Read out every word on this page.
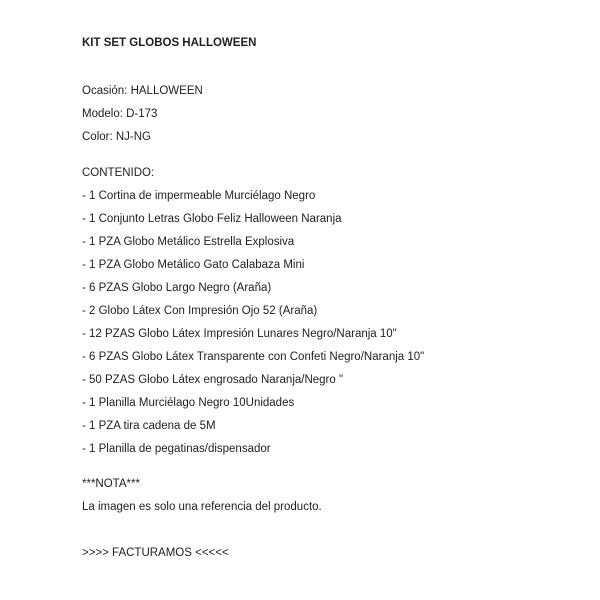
KIT SET GLOBOS HALLOWEEN

Ocasión: HALLOWEEN

Modelo: D-173

Color: NJ-NG

CONTENIDO:

- 1 Cortina de impermeable Murciélago Negro

- 1 Conjunto Letras Globo Feliz Halloween Naranja

- 1 PZA Globo Metálico Estrella Explosiva

- 1 PZA Globo Metálico Gato Calabaza Mini

- 6 PZAS Globo Largo Negro (Araña)

- 2 Globo Látex Con Impresión Ojo 52 (Araña)

- 12 PZAS Globo Látex Impresión Lunares Negro/Naranja 10"

- 6 PZAS Globo Látex Transparente con Confeti Negro/Naranja 10"

- 50 PZAS Globo Látex engrosado Naranja/Negro "

- 1 Planilla Murciélago Negro 10Unidades

- 1 PZA tira cadena de 5M

- 1 Planilla de pegatinas/dispensador

***NOTA***

La imagen es solo una referencia del producto.

>>>> FACTURAMOS <<<<<
